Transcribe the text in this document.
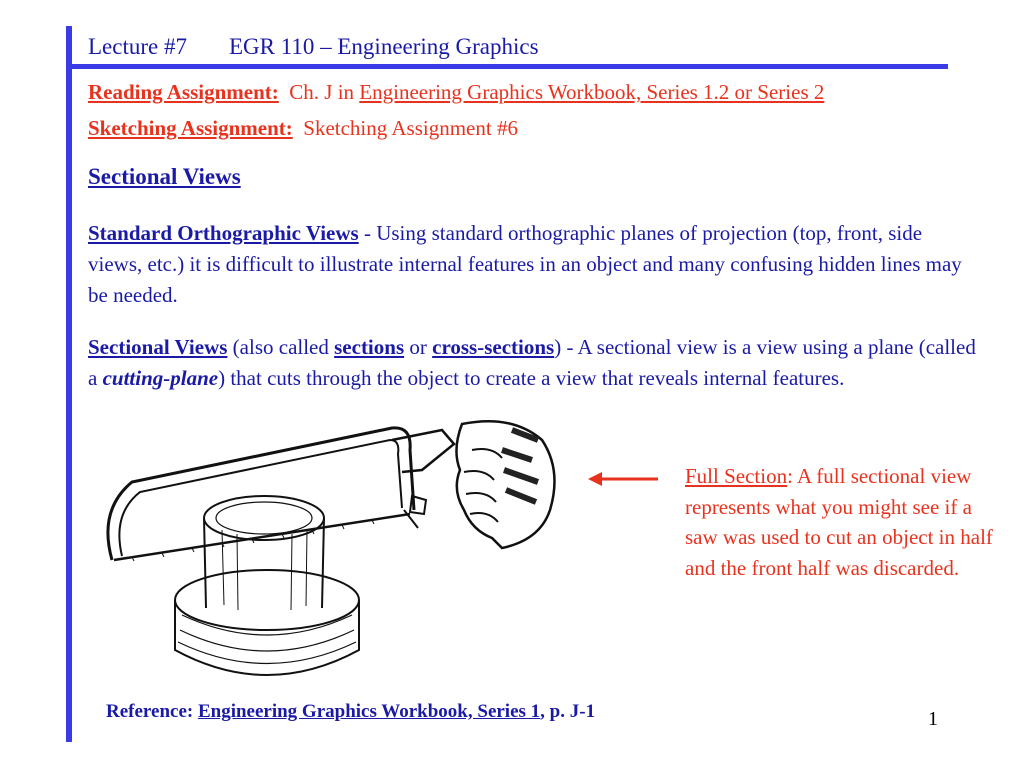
Lecture #7 EGR 110 – Engineering Graphics
Reading Assignment: Ch. J in Engineering Graphics Workbook, Series 1.2 or Series 2
Sketching Assignment: Sketching Assignment #6
Sectional Views
Standard Orthographic Views - Using standard orthographic planes of projection (top, front, side views, etc.) it is difficult to illustrate internal features in an object and many confusing hidden lines may be needed.
Sectional Views (also called sections or cross-sections) - A sectional view is a view using a plane (called a cutting-plane) that cuts through the object to create a view that reveals internal features.
Full Section: A full sectional view represents what you might see if a saw was used to cut an object in half and the front half was discarded.
Reference: Engineering Graphics Workbook, Series 1, p. J-1	1
